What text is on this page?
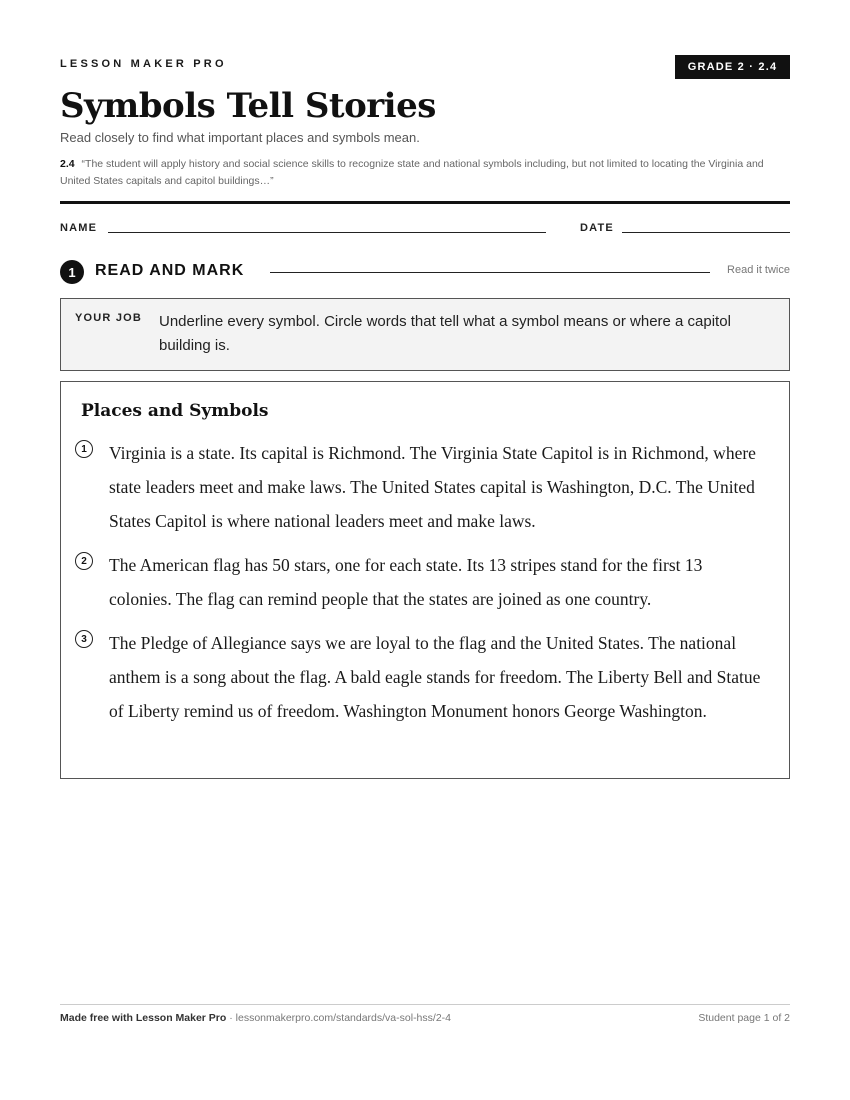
LESSON MAKER PRO	GRADE 2 · 2.4
Symbols Tell Stories
Read closely to find what important places and symbols mean.
2.4 “The student will apply history and social science skills to recognize state and national symbols including, but not limited to locating the Virginia and United States capitals and capitol buildings…”
NAME	DATE
1	READ AND MARK	Read it twice
YOUR JOB Underline every symbol. Circle words that tell what a symbol means or where a capitol building is.
Places and Symbols
1	Virginia is a state. Its capital is Richmond. The Virginia State Capitol is in Richmond, where state leaders meet and make laws. The United States capital is Washington, D.C. The United States Capitol is where national leaders meet and make laws.
2	The American flag has 50 stars, one for each state. Its 13 stripes stand for the first 13 colonies. The flag can remind people that the states are joined as one country.
3	The Pledge of Allegiance says we are loyal to the flag and the United States. The national anthem is a song about the flag. A bald eagle stands for freedom. The Liberty Bell and Statue of Liberty remind us of freedom. Washington Monument honors George Washington.
Made free with Lesson Maker Pro · lessonmakerpro.com/standards/va-sol-hss/2-4	Student page 1 of 2
